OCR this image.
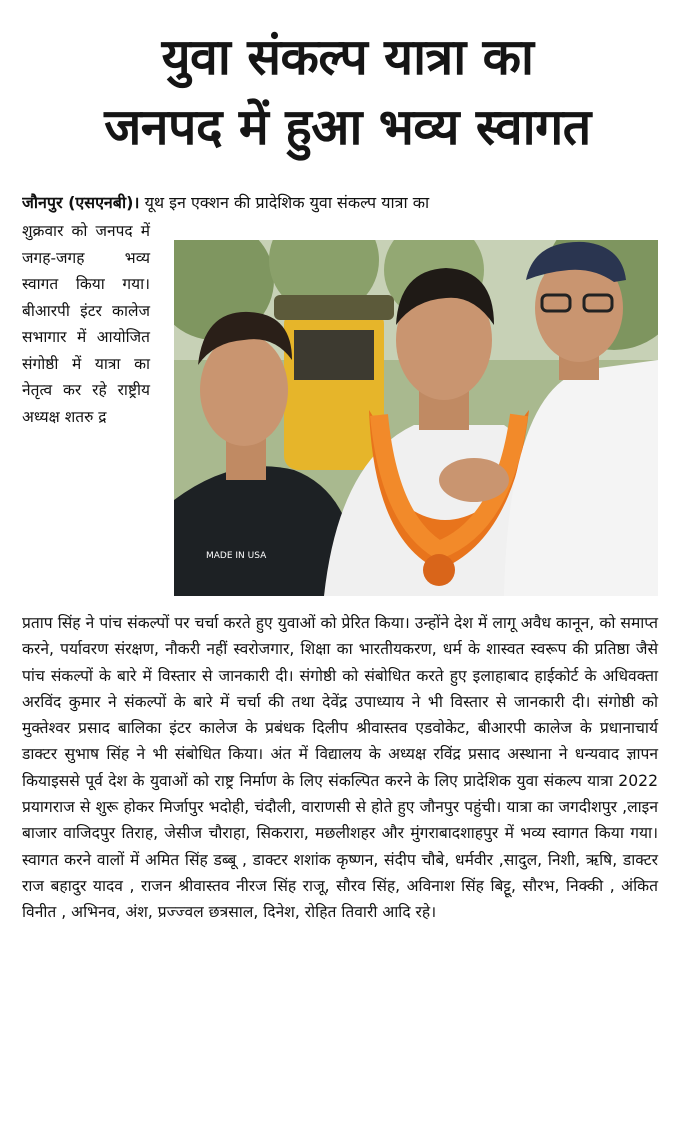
युवा संकल्प यात्रा का
जनपद में हुआ भव्य स्वागत
जौनपुर (एसएनबी)। यूथ इन एक्शन की प्रादेशिक युवा संकल्प यात्रा का
शुक्रवार को जनपद में जगह-जगह भव्य स्वागत किया गया। बीआरपी इंटर कालेज सभागार में आयोजित संगोष्ठी में यात्रा का नेतृत्व कर रहे राष्ट्रीय अध्यक्ष शतरु द्र
MADE IN USA
प्रताप सिंह ने पांच संकल्पों पर चर्चा करते हुए युवाओं को प्रेरित किया। उन्होंने देश में लागू अवैध कानून, को समाप्त करने, पर्यावरण संरक्षण, नौकरी नहीं स्वरोजगार, शिक्षा का भारतीयकरण, धर्म के शास्वत स्वरूप की प्रतिष्ठा जैसे पांच संकल्पों के बारे में विस्तार से जानकारी दी। संगोष्ठी को संबोधित करते हुए इलाहाबाद हाईकोर्ट के अधिवक्ता अरविंद कुमार ने संकल्पों के बारे में चर्चा की तथा देवेंद्र उपाध्याय ने भी विस्तार से जानकारी दी। संगोष्ठी को मुक्तेश्वर प्रसाद बालिका इंटर कालेज के प्रबंधक दिलीप श्रीवास्तव एडवोकेट, बीआरपी कालेज के प्रधानाचार्य डाक्टर सुभाष सिंह ने भी संबोधित किया। अंत में विद्यालय के अध्यक्ष रविंद्र प्रसाद अस्थाना ने धन्यवाद ज्ञापन कियाइससे पूर्व देश के युवाओं को राष्ट्र निर्माण के लिए संकल्पित करने के लिए प्रादेशिक युवा संकल्प यात्रा 2022 प्रयागराज से शुरू होकर मिर्जापुर भदोही, चंदौली, वाराणसी से होते हुए जौनपुर पहुंची। यात्रा का जगदीशपुर ,लाइन बाजार वाजिदपुर तिराह, जेसीज चौराहा, सिकरारा, मछलीशहर और मुंगराबादशाहपुर में भव्य स्वागत किया गया। स्वागत करने वालों में अमित सिंह डब्बू , डाक्टर शशांक कृष्णन, संदीप चौबे, धर्मवीर ,सादुल, निशी, ऋषि, डाक्टर राज बहादुर यादव , राजन श्रीवास्तव नीरज सिंह राजू, सौरव सिंह, अविनाश सिंह बिट्टू, सौरभ, निक्की , अंकित विनीत , अभिनव, अंश, प्रज्ज्वल छत्रसाल, दिनेश, रोहित तिवारी आदि रहे।
